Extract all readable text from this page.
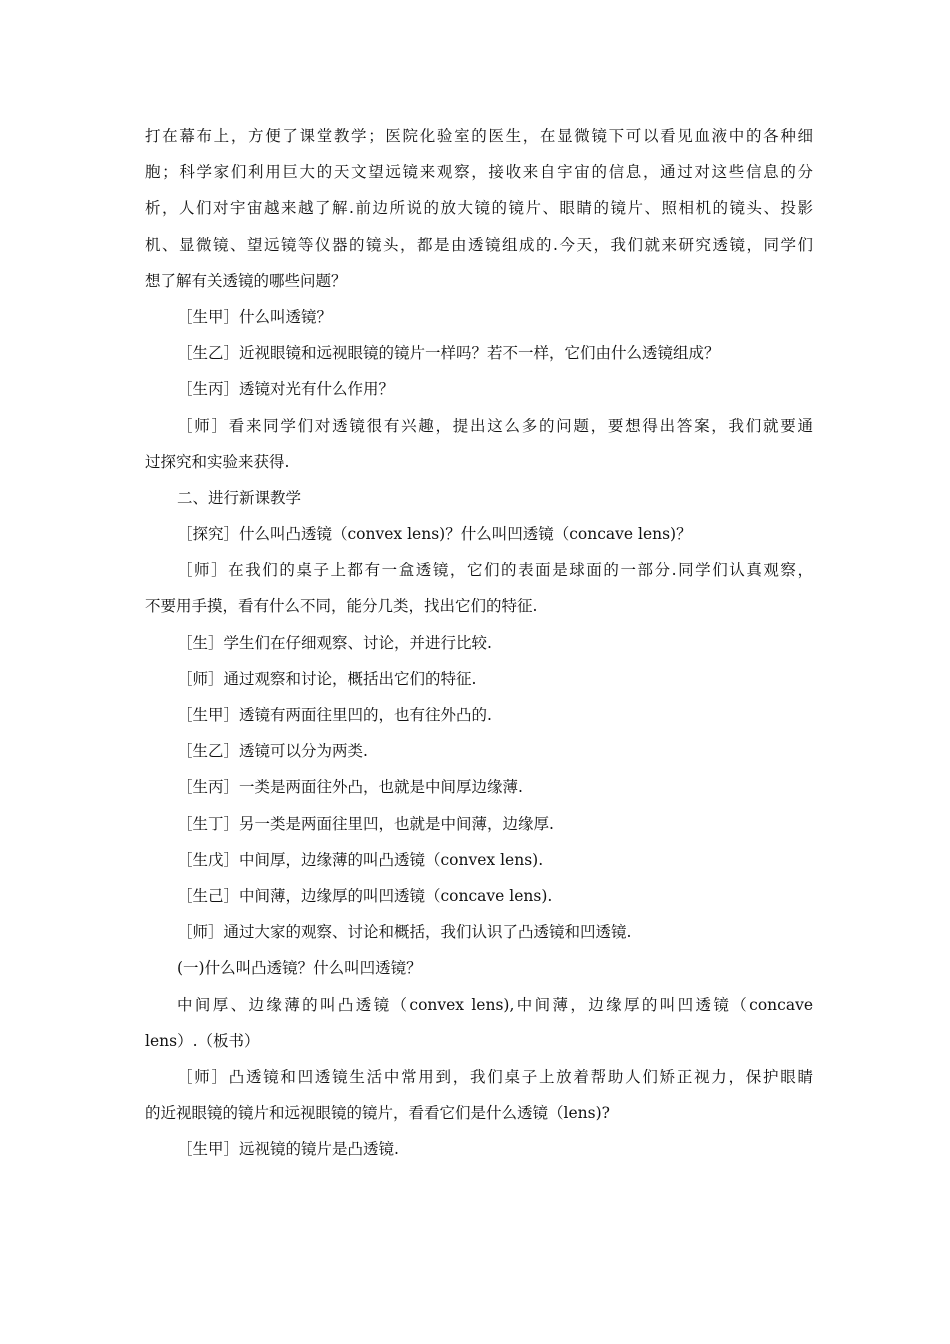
打在幕布上，方便了课堂教学；医院化验室的医生，在显微镜下可以看见血液中的各种细
胞；科学家们利用巨大的天文望远镜来观察，接收来自宇宙的信息，通过对这些信息的分
析，人们对宇宙越来越了解.前边所说的放大镜的镜片、眼睛的镜片、照相机的镜头、投影
机、显微镜、望远镜等仪器的镜头，都是由透镜组成的.今天，我们就来研究透镜，同学们
想了解有关透镜的哪些问题？
［生甲］什么叫透镜？
［生乙］近视眼镜和远视眼镜的镜片一样吗？若不一样，它们由什么透镜组成？
［生丙］透镜对光有什么作用？
［师］看来同学们对透镜很有兴趣，提出这么多的问题，要想得出答案，我们就要通
过探究和实验来获得.
二、进行新课教学
［探究］什么叫凸透镜（convex lens)？什么叫凹透镜（concave lens)？
［师］在我们的桌子上都有一盒透镜，它们的表面是球面的一部分.同学们认真观察，
不要用手摸，看有什么不同，能分几类，找出它们的特征.
［生］学生们在仔细观察、讨论，并进行比较.
［师］通过观察和讨论，概括出它们的特征.
［生甲］透镜有两面往里凹的，也有往外凸的.
［生乙］透镜可以分为两类.
［生丙］一类是两面往外凸，也就是中间厚边缘薄.
［生丁］另一类是两面往里凹，也就是中间薄，边缘厚.
［生戊］中间厚，边缘薄的叫凸透镜（convex lens).
［生己］中间薄，边缘厚的叫凹透镜（concave lens).
［师］通过大家的观察、讨论和概括，我们认识了凸透镜和凹透镜.
(一)什么叫凸透镜？什么叫凹透镜？
中间厚、边缘薄的叫凸透镜（convex lens),中间薄，边缘厚的叫凹透镜（concave
lens）.（板书）
［师］凸透镜和凹透镜生活中常用到，我们桌子上放着帮助人们矫正视力，保护眼睛
的近视眼镜的镜片和远视眼镜的镜片，看看它们是什么透镜（lens)?
［生甲］远视镜的镜片是凸透镜.
